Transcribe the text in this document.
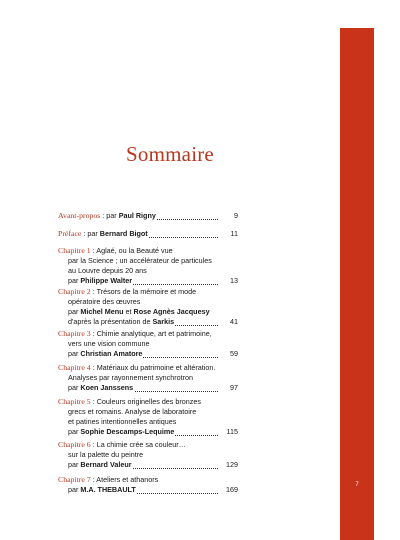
7
Sommaire
Avant-propos : par Paul Rigny	9
Préface : par Bernard Bigot	11
Chapitre 1 : Aglaé, ou la Beauté vue
par la Science ; un accélérateur de particules
au Louvre depuis 20 ans
par Philippe Walter	13
Chapitre 2 : Trésors de la mémoire et mode
opératoire des œuvres
par Michel Menu et Rose Agnès Jacquesy
d'après la présentation de Sarkis	41
Chapitre 3 : Chimie analytique, art et patrimoine,
vers une vision commune
par Christian Amatore	59
Chapitre 4 : Matériaux du patrimoine et altération.
Analyses par rayonnement synchrotron
par Koen Janssens	97
Chapitre 5 : Couleurs originelles des bronzes
grecs et romains. Analyse de laboratoire
et patines intentionnelles antiques
par Sophie Descamps-Lequime	115
Chapitre 6 : La chimie crée sa couleur…
sur la palette du peintre
par Bernard Valeur	129
Chapitre 7 : Ateliers et athanors
par M.A. THEBAULT	169
